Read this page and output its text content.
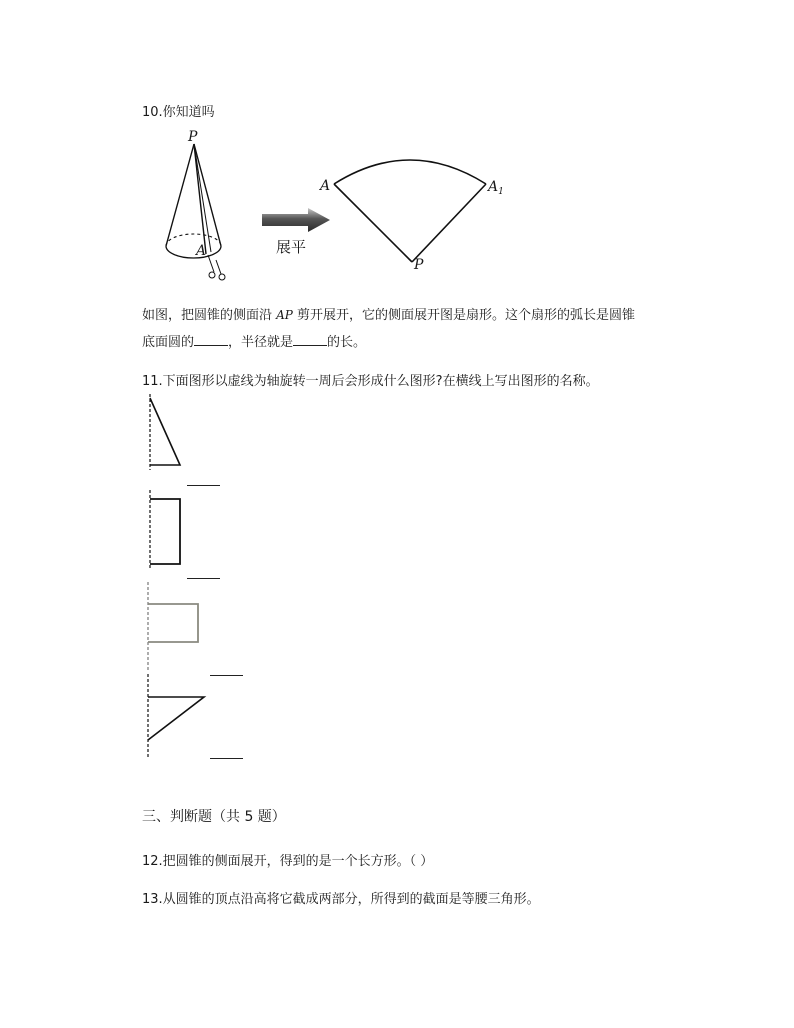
10.你知道吗
P
A	展平
A	$A_1$
P
如图，把圆锥的侧面沿 AP 剪开展开，它的侧面展开图是扇形。这个扇形的弧长是圆锥
底面圆的	，半径就是	的长。
11.下面图形以虚线为轴旋转一周后会形成什么图形?在横线上写出图形的名称。
三、判断题（共 5 题）
12.把圆锥的侧面展开，得到的是一个长方形。（ ）
13.从圆锥的顶点沿高将它截成两部分，所得到的截面是等腰三角形。
